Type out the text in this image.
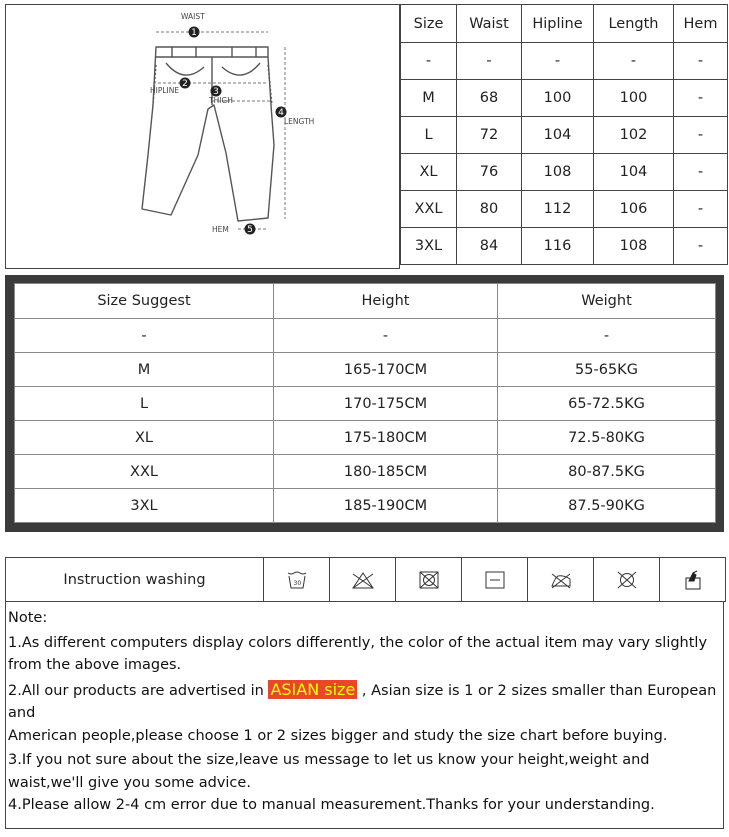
1
2
3
4
5
WAIST
HIPLINE
THIGH
LENGTH
HEM
Size	Waist	Hipline	Length	Hem
-	-	-	-	-
M	68	100	100	-
L	72	104	102	-
XL	76	108	104	-
XXL	80	112	106	-
3XL	84	116	108	-
Size Suggest	Height	Weight
-	-	-
M	165-170CM	55-65KG
L	170-175CM	65-72.5KG
XL	175-180CM	72.5-80KG
XXL	180-185CM	80-87.5KG
3XL	185-190CM	87.5-90KG
Instruction washing	30

Note:

1.As different computers display colors differently, the color of the actual item may vary slightly from the above images.

2.All our products are advertised in ASIAN size , Asian size is 1 or 2 sizes smaller than European and

American people,please choose 1 or 2 sizes bigger and study the size chart before buying.

3.If you not sure about the size,leave us message to let us know your height,weight and waist,we'll give you some advice.

4.Please allow 2-4 cm error due to manual measurement.Thanks for your understanding.
